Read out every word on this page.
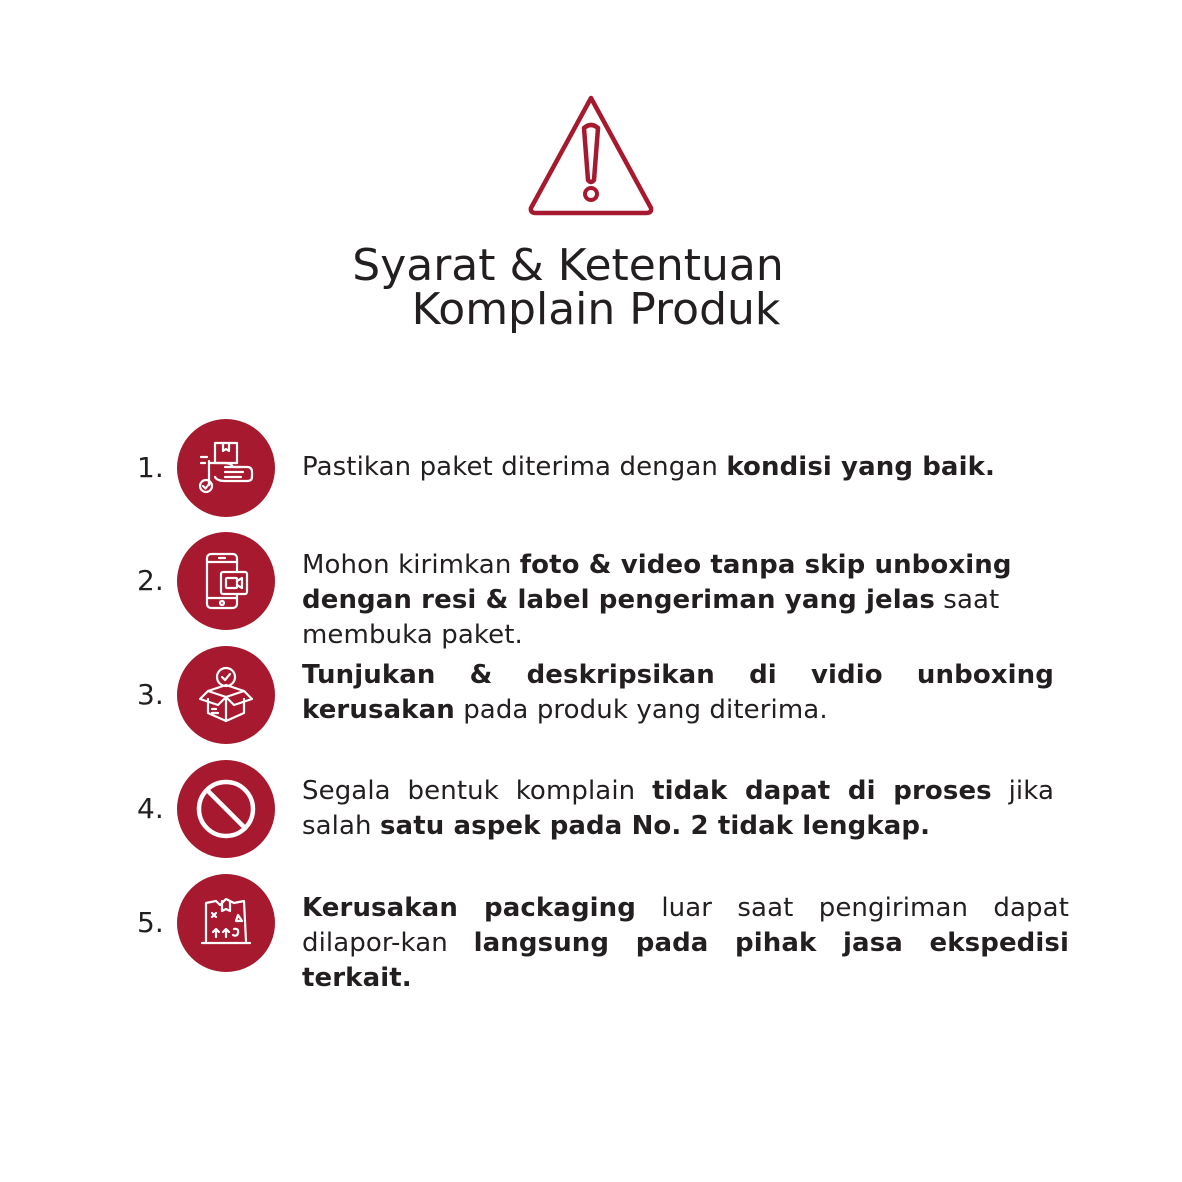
Syarat & Ketentuan
Komplain Produk
1.	Pastikan paket diterima dengan kondisi yang baik.
2.	Mohon kirimkan foto & video tanpa skip unboxing dengan resi & label pengeriman yang jelas saat membuka paket.
3.
Tunjukan & deskripsikan di vidio unboxing kerusakan pada produk yang diterima.
4.
Segala bentuk komplain tidak dapat di proses jika salah satu aspek pada No. 2 tidak lengkap.
5.	Kerusakan packaging luar saat pengiriman dapat dilapor-kan langsung pada pihak jasa ekspedisi terkait.
